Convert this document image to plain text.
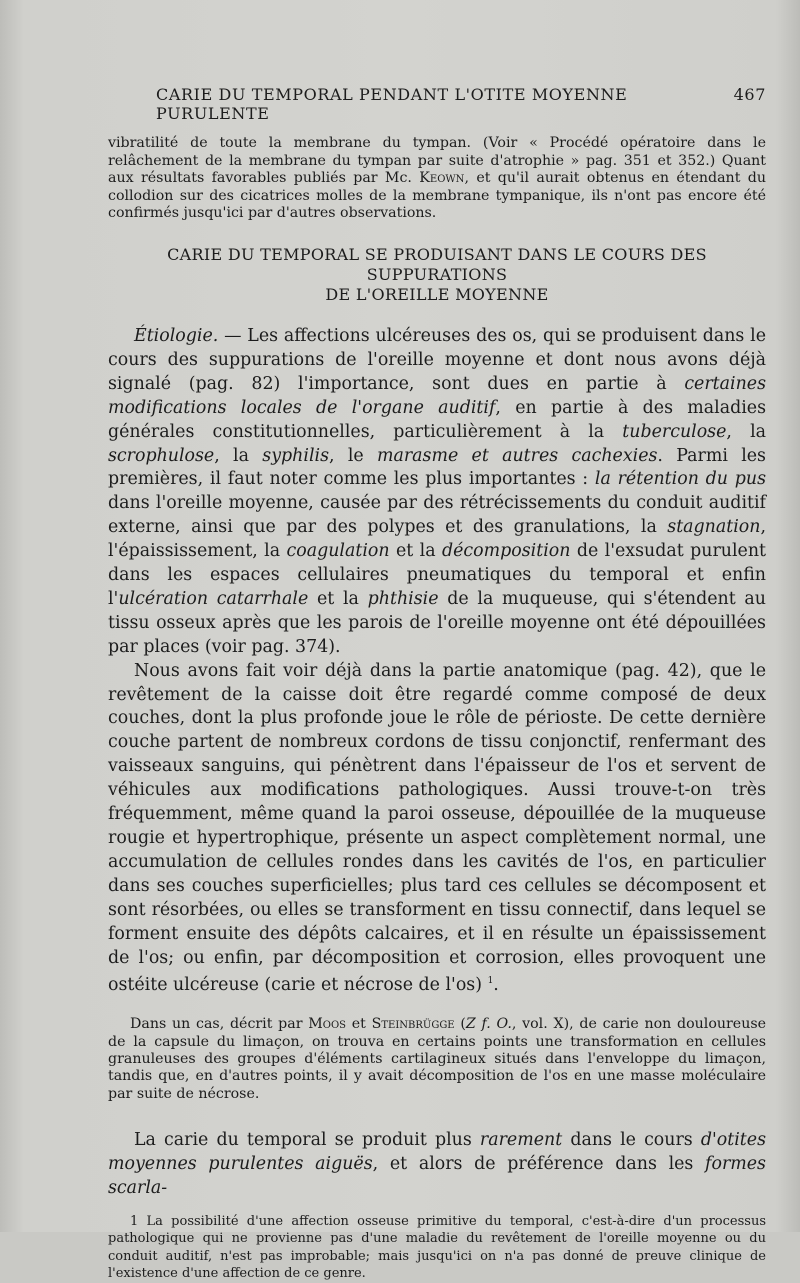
CARIE DU TEMPORAL PENDANT L'OTITE MOYENNE PURULENTE
467
vibratilité de toute la membrane du tympan. (Voir « Procédé opératoire dans le relâchement de la membrane du tympan par suite d'atrophie » pag. 351 et 352.) Quant aux résultats favorables publiés par Mc. Keown, et qu'il aurait obtenus en étendant du collodion sur des cicatrices molles de la membrane tympanique, ils n'ont pas encore été confirmés jusqu'ici par d'autres observations.
CARIE DU TEMPORAL SE PRODUISANT DANS LE COURS DES SUPPURATIONS
DE L'OREILLE MOYENNE

Étiologie. — Les affections ulcéreuses des os, qui se produisent dans le cours des suppurations de l'oreille moyenne et dont nous avons déjà signalé (pag. 82) l'importance, sont dues en partie à certaines modifications locales de l'organe auditif, en partie à des maladies générales constitutionnelles, particulièrement à la tuberculose, la scrophulose, la syphilis, le marasme et autres cachexies. Parmi les premières, il faut noter comme les plus importantes : la rétention du pus dans l'oreille moyenne, causée par des rétrécissements du conduit auditif externe, ainsi que par des polypes et des granulations, la stagnation, l'épaississement, la coagulation et la décomposition de l'exsudat purulent dans les espaces cellulaires pneumatiques du temporal et enfin l'ulcération catarrhale et la phthisie de la muqueuse, qui s'étendent au tissu osseux après que les parois de l'oreille moyenne ont été dépouillées par places (voir pag. 374).

Nous avons fait voir déjà dans la partie anatomique (pag. 42), que le revêtement de la caisse doit être regardé comme composé de deux couches, dont la plus profonde joue le rôle de périoste. De cette dernière couche partent de nombreux cordons de tissu conjonctif, renfermant des vaisseaux sanguins, qui pénètrent dans l'épaisseur de l'os et servent de véhicules aux modifications pathologiques. Aussi trouve-t-on très fréquemment, même quand la paroi osseuse, dépouillée de la muqueuse rougie et hypertrophique, présente un aspect complètement normal, une accumulation de cellules rondes dans les cavités de l'os, en particulier dans ses couches superficielles; plus tard ces cellules se décomposent et sont résorbées, ou elles se transforment en tissu connectif, dans lequel se forment ensuite des dépôts calcaires, et il en résulte un épaississement de l'os; ou enfin, par décomposition et corrosion, elles provoquent une ostéite ulcéreuse (carie et nécrose de l'os) $^1$.

Dans un cas, décrit par Moos et Steinbrügge (Z f. O., vol. X), de carie non douloureuse de la capsule du limaçon, on trouva en certains points une transformation en cellules granuleuses des groupes d'éléments cartilagineux situés dans l'enveloppe du limaçon, tandis que, en d'autres points, il y avait décomposition de l'os en une masse moléculaire par suite de nécrose.

La carie du temporal se produit plus rarement dans le cours d'otites moyennes purulentes aiguës, et alors de préférence dans les formes scarla-

1 La possibilité d'une affection osseuse primitive du temporal, c'est-à-dire d'un processus pathologique qui ne provienne pas d'une maladie du revêtement de l'oreille moyenne ou du conduit auditif, n'est pas improbable; mais jusqu'ici on n'a pas donné de preuve clinique de l'existence d'une affection de ce genre.
